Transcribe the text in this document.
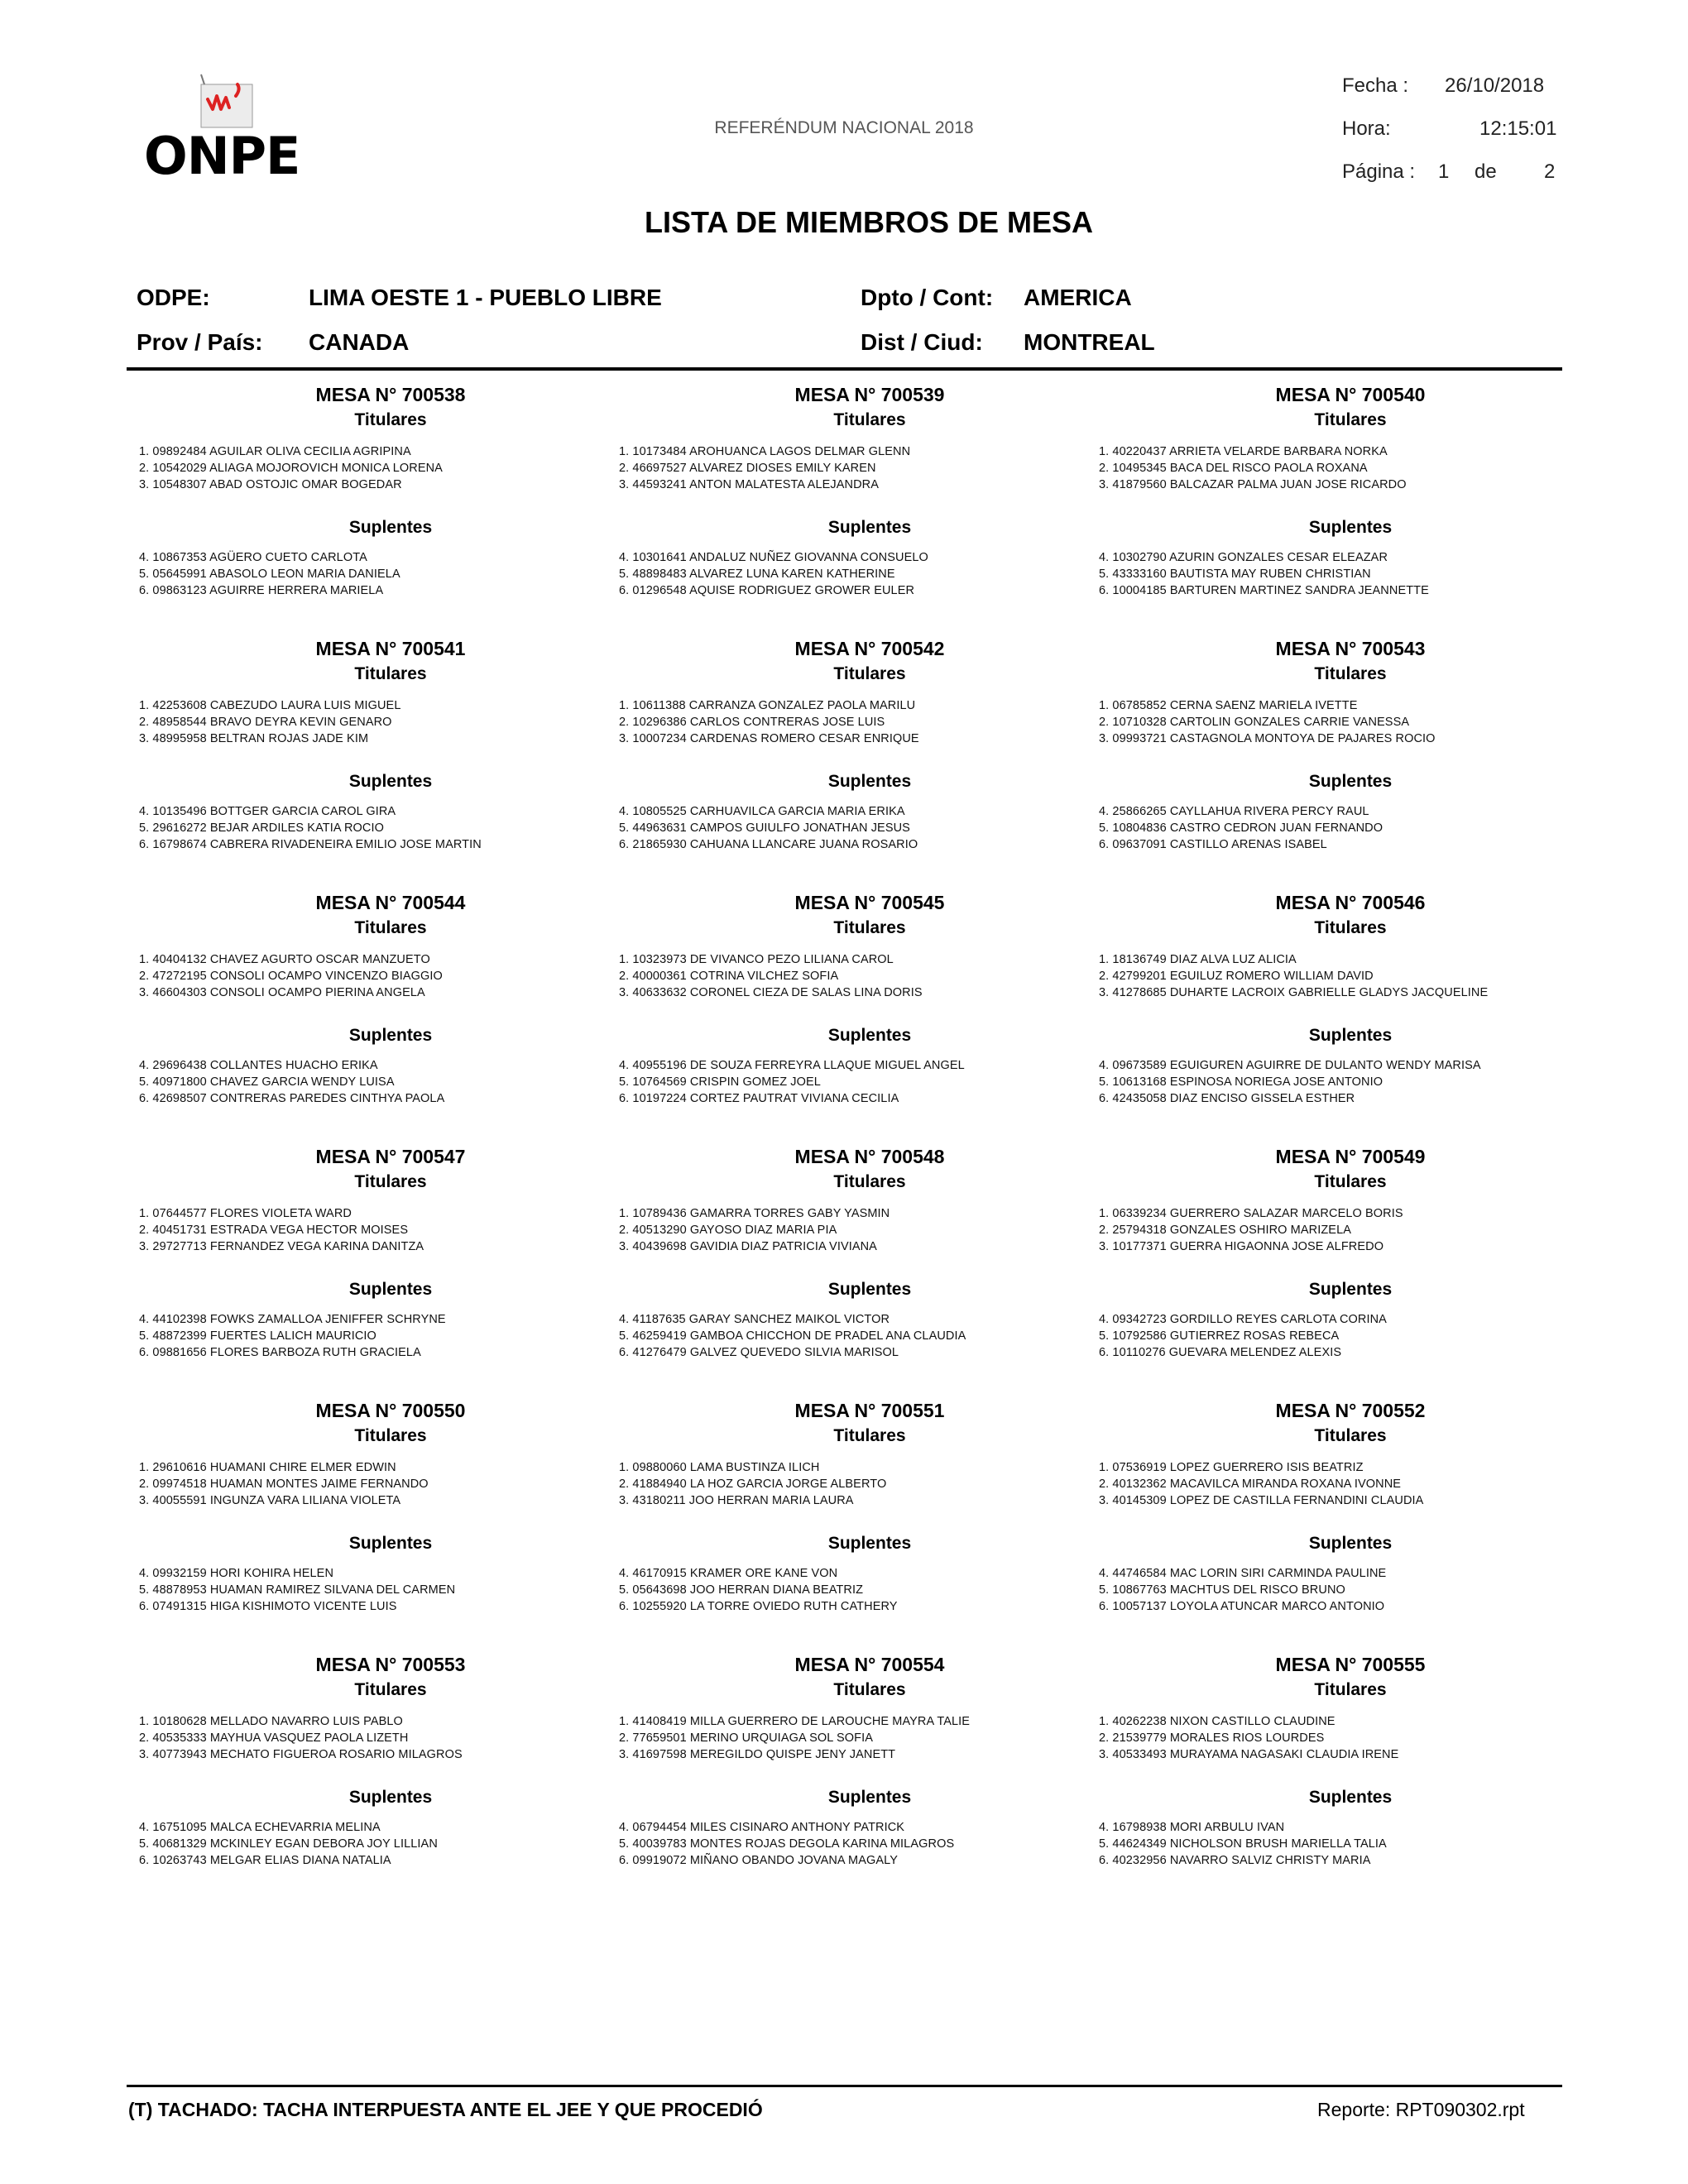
ONPE	REFERÉNDUM NACIONAL 2018
Fecha : 26/10/2018
Hora:	12:15:01
Página : 1 de 2
LISTA DE MIEMBROS DE MESA
ODPE:	LIMA OESTE 1 - PUEBLO LIBRE	Dpto / Cont: AMERICA
Prov / País: CANADA	Dist / Ciud: MONTREAL
MESA N° 700538
Titulares
1. 09892484 AGUILAR OLIVA CECILIA AGRIPINA
2. 10542029 ALIAGA MOJOROVICH MONICA LORENA
3. 10548307 ABAD OSTOJIC OMAR BOGEDAR
Suplentes
4. 10867353 AGÜERO CUETO CARLOTA
5. 05645991 ABASOLO LEON MARIA DANIELA
6. 09863123 AGUIRRE HERRERA MARIELA
MESA N° 700539
Titulares
1. 10173484 AROHUANCA LAGOS DELMAR GLENN
2. 46697527 ALVAREZ DIOSES EMILY KAREN
3. 44593241 ANTON MALATESTA ALEJANDRA
Suplentes
4. 10301641 ANDALUZ NUÑEZ GIOVANNA CONSUELO
5. 48898483 ALVAREZ LUNA KAREN KATHERINE
6. 01296548 AQUISE RODRIGUEZ GROWER EULER
MESA N° 700540
Titulares
1. 40220437 ARRIETA VELARDE BARBARA NORKA
2. 10495345 BACA DEL RISCO PAOLA ROXANA
3. 41879560 BALCAZAR PALMA JUAN JOSE RICARDO
Suplentes
4. 10302790 AZURIN GONZALES CESAR ELEAZAR
5. 43333160 BAUTISTA MAY RUBEN CHRISTIAN
6. 10004185 BARTUREN MARTINEZ SANDRA JEANNETTE
MESA N° 700541
Titulares
1. 42253608 CABEZUDO LAURA LUIS MIGUEL
2. 48958544 BRAVO DEYRA KEVIN GENARO
3. 48995958 BELTRAN ROJAS JADE KIM
Suplentes
4. 10135496 BOTTGER GARCIA CAROL GIRA
5. 29616272 BEJAR ARDILES KATIA ROCIO
6. 16798674 CABRERA RIVADENEIRA EMILIO JOSE MARTIN
MESA N° 700542
Titulares
1. 10611388 CARRANZA GONZALEZ PAOLA MARILU
2. 10296386 CARLOS CONTRERAS JOSE LUIS
3. 10007234 CARDENAS ROMERO CESAR ENRIQUE
Suplentes
4. 10805525 CARHUAVILCA GARCIA MARIA ERIKA
5. 44963631 CAMPOS GUIULFO JONATHAN JESUS
6. 21865930 CAHUANA LLANCARE JUANA ROSARIO
MESA N° 700543
Titulares
1. 06785852 CERNA SAENZ MARIELA IVETTE
2. 10710328 CARTOLIN GONZALES CARRIE VANESSA
3. 09993721 CASTAGNOLA MONTOYA DE PAJARES ROCIO
Suplentes
4. 25866265 CAYLLAHUA RIVERA PERCY RAUL
5. 10804836 CASTRO CEDRON JUAN FERNANDO
6. 09637091 CASTILLO ARENAS ISABEL
MESA N° 700544
Titulares
1. 40404132 CHAVEZ AGURTO OSCAR MANZUETO
2. 47272195 CONSOLI OCAMPO VINCENZO BIAGGIO
3. 46604303 CONSOLI OCAMPO PIERINA ANGELA
Suplentes
4. 29696438 COLLANTES HUACHO ERIKA
5. 40971800 CHAVEZ GARCIA WENDY LUISA
6. 42698507 CONTRERAS PAREDES CINTHYA PAOLA
MESA N° 700545
Titulares
1. 10323973 DE VIVANCO PEZO LILIANA CAROL
2. 40000361 COTRINA VILCHEZ SOFIA
3. 40633632 CORONEL CIEZA DE SALAS LINA DORIS
Suplentes
4. 40955196 DE SOUZA FERREYRA LLAQUE MIGUEL ANGEL
5. 10764569 CRISPIN GOMEZ JOEL
6. 10197224 CORTEZ PAUTRAT VIVIANA CECILIA
MESA N° 700546
Titulares
1. 18136749 DIAZ ALVA LUZ ALICIA
2. 42799201 EGUILUZ ROMERO WILLIAM DAVID
3. 41278685 DUHARTE LACROIX GABRIELLE GLADYS JACQUELINE
Suplentes
4. 09673589 EGUIGUREN AGUIRRE DE DULANTO WENDY MARISA
5. 10613168 ESPINOSA NORIEGA JOSE ANTONIO
6. 42435058 DIAZ ENCISO GISSELA ESTHER
MESA N° 700547
Titulares
1. 07644577 FLORES VIOLETA WARD
2. 40451731 ESTRADA VEGA HECTOR MOISES
3. 29727713 FERNANDEZ VEGA KARINA DANITZA
Suplentes
4. 44102398 FOWKS ZAMALLOA JENIFFER SCHRYNE
5. 48872399 FUERTES LALICH MAURICIO
6. 09881656 FLORES BARBOZA RUTH GRACIELA
MESA N° 700548
Titulares
1. 10789436 GAMARRA TORRES GABY YASMIN
2. 40513290 GAYOSO DIAZ MARIA PIA
3. 40439698 GAVIDIA DIAZ PATRICIA VIVIANA
Suplentes
4. 41187635 GARAY SANCHEZ MAIKOL VICTOR
5. 46259419 GAMBOA CHICCHON DE PRADEL ANA CLAUDIA
6. 41276479 GALVEZ QUEVEDO SILVIA MARISOL
MESA N° 700549
Titulares
1. 06339234 GUERRERO SALAZAR MARCELO BORIS
2. 25794318 GONZALES OSHIRO MARIZELA
3. 10177371 GUERRA HIGAONNA JOSE ALFREDO
Suplentes
4. 09342723 GORDILLO REYES CARLOTA CORINA
5. 10792586 GUTIERREZ ROSAS REBECA
6. 10110276 GUEVARA MELENDEZ ALEXIS
MESA N° 700550
Titulares
1. 29610616 HUAMANI CHIRE ELMER EDWIN
2. 09974518 HUAMAN MONTES JAIME FERNANDO
3. 40055591 INGUNZA VARA LILIANA VIOLETA
Suplentes
4. 09932159 HORI KOHIRA HELEN
5. 48878953 HUAMAN RAMIREZ SILVANA DEL CARMEN
6. 07491315 HIGA KISHIMOTO VICENTE LUIS
MESA N° 700551
Titulares
1. 09880060 LAMA BUSTINZA ILICH
2. 41884940 LA HOZ GARCIA JORGE ALBERTO
3. 43180211 JOO HERRAN MARIA LAURA
Suplentes
4. 46170915 KRAMER ORE KANE VON
5. 05643698 JOO HERRAN DIANA BEATRIZ
6. 10255920 LA TORRE OVIEDO RUTH CATHERY
MESA N° 700552
Titulares
1. 07536919 LOPEZ GUERRERO ISIS BEATRIZ
2. 40132362 MACAVILCA MIRANDA ROXANA IVONNE
3. 40145309 LOPEZ DE CASTILLA FERNANDINI CLAUDIA
Suplentes
4. 44746584 MAC LORIN SIRI CARMINDA PAULINE
5. 10867763 MACHTUS DEL RISCO BRUNO
6. 10057137 LOYOLA ATUNCAR MARCO ANTONIO
MESA N° 700553
Titulares
1. 10180628 MELLADO NAVARRO LUIS PABLO
2. 40535333 MAYHUA VASQUEZ PAOLA LIZETH
3. 40773943 MECHATO FIGUEROA ROSARIO MILAGROS
Suplentes
4. 16751095 MALCA ECHEVARRIA MELINA
5. 40681329 MCKINLEY EGAN DEBORA JOY LILLIAN
6. 10263743 MELGAR ELIAS DIANA NATALIA
MESA N° 700554
Titulares
1. 41408419 MILLA GUERRERO DE LAROUCHE MAYRA TALIE
2. 77659501 MERINO URQUIAGA SOL SOFIA
3. 41697598 MEREGILDO QUISPE JENY JANETT
Suplentes
4. 06794454 MILES CISINARO ANTHONY PATRICK
5. 40039783 MONTES ROJAS DEGOLA KARINA MILAGROS
6. 09919072 MIÑANO OBANDO JOVANA MAGALY
MESA N° 700555
Titulares
1. 40262238 NIXON CASTILLO CLAUDINE
2. 21539779 MORALES RIOS LOURDES
3. 40533493 MURAYAMA NAGASAKI CLAUDIA IRENE
Suplentes
4. 16798938 MORI ARBULU IVAN
5. 44624349 NICHOLSON BRUSH MARIELLA TALIA
6. 40232956 NAVARRO SALVIZ CHRISTY MARIA
(T) TACHADO: TACHA INTERPUESTA ANTE EL JEE Y QUE PROCEDIÓ	Reporte: RPT090302.rpt
